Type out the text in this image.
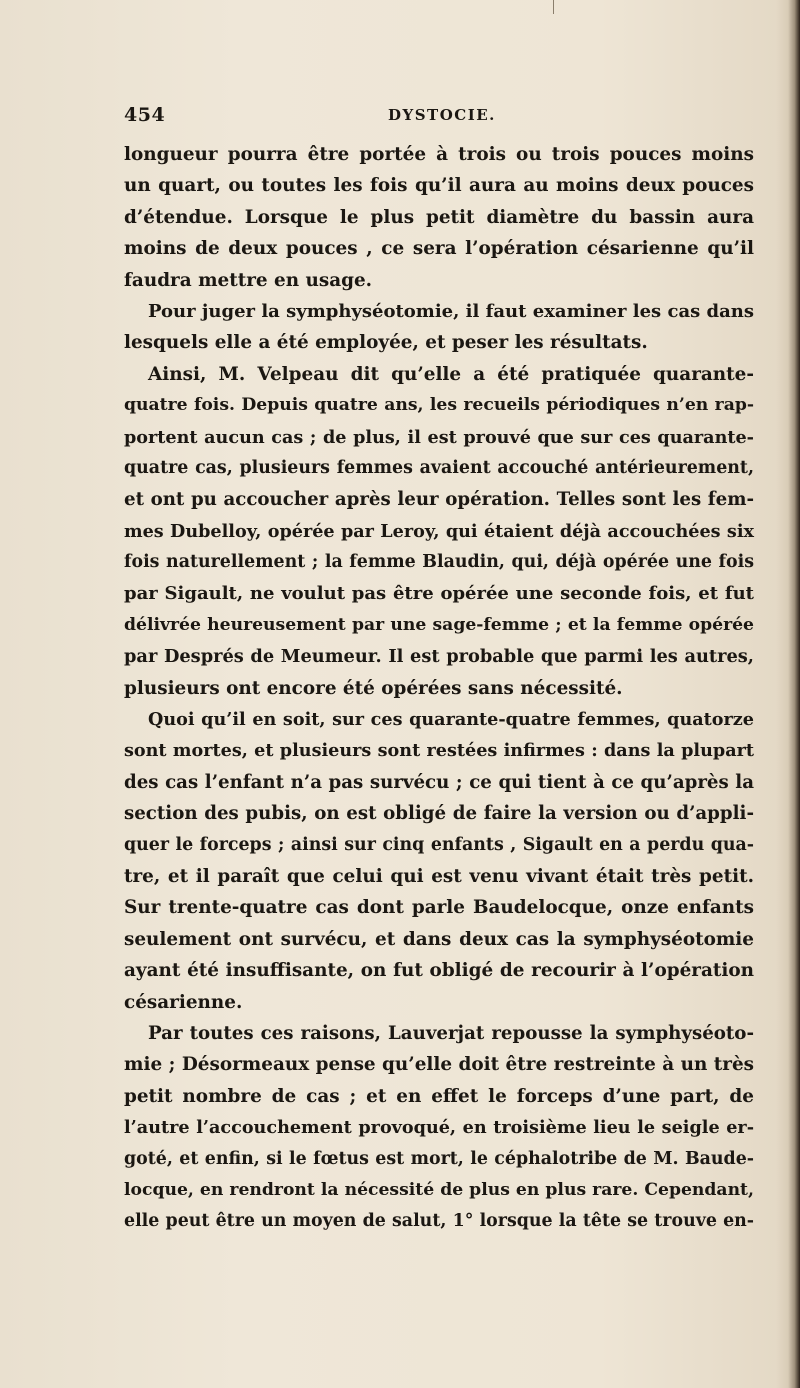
454	DYSTOCIE.
longueur pourra être portée à trois ou trois pouces moins
un quart, ou toutes les fois qu’il aura au moins deux pouces
d’étendue. Lorsque le plus petit diamètre du bassin aura
moins de deux pouces , ce sera l’opération césarienne qu’il
faudra mettre en usage.
Pour juger la symphyséotomie, il faut examiner les cas dans
lesquels elle a été employée, et peser les résultats.
Ainsi, M. Velpeau dit qu’elle a été pratiquée quarante-
quatre fois. Depuis quatre ans, les recueils périodiques n’en rap-
portent aucun cas ; de plus, il est prouvé que sur ces quarante-
quatre cas, plusieurs femmes avaient accouché antérieurement,
et ont pu accoucher après leur opération. Telles sont les fem-
mes Dubelloy, opérée par Leroy, qui étaient déjà accouchées six
fois naturellement ; la femme Blaudin, qui, déjà opérée une fois
par Sigault, ne voulut pas être opérée une seconde fois, et fut
délivrée heureusement par une sage-femme ; et la femme opérée
par Després de Meumeur. Il est probable que parmi les autres,
plusieurs ont encore été opérées sans nécessité.
Quoi qu’il en soit, sur ces quarante-quatre femmes, quatorze
sont mortes, et plusieurs sont restées infirmes : dans la plupart
des cas l’enfant n’a pas survécu ; ce qui tient à ce qu’après la
section des pubis, on est obligé de faire la version ou d’appli-
quer le forceps ; ainsi sur cinq enfants , Sigault en a perdu qua-
tre, et il paraît que celui qui est venu vivant était très petit.
Sur trente-quatre cas dont parle Baudelocque, onze enfants
seulement ont survécu, et dans deux cas la symphyséotomie
ayant été insuffisante, on fut obligé de recourir à l’opération
césarienne.
Par toutes ces raisons, Lauverjat repousse la symphyséoto-
mie ; Désormeaux pense qu’elle doit être restreinte à un très
petit nombre de cas ; et en effet le forceps d’une part, de
l’autre l’accouchement provoqué, en troisième lieu le seigle er-
goté, et enfin, si le fœtus est mort, le céphalotribe de M. Baude-
locque, en rendront la nécessité de plus en plus rare. Cependant,
elle peut être un moyen de salut, 1° lorsque la tête se trouve en-
